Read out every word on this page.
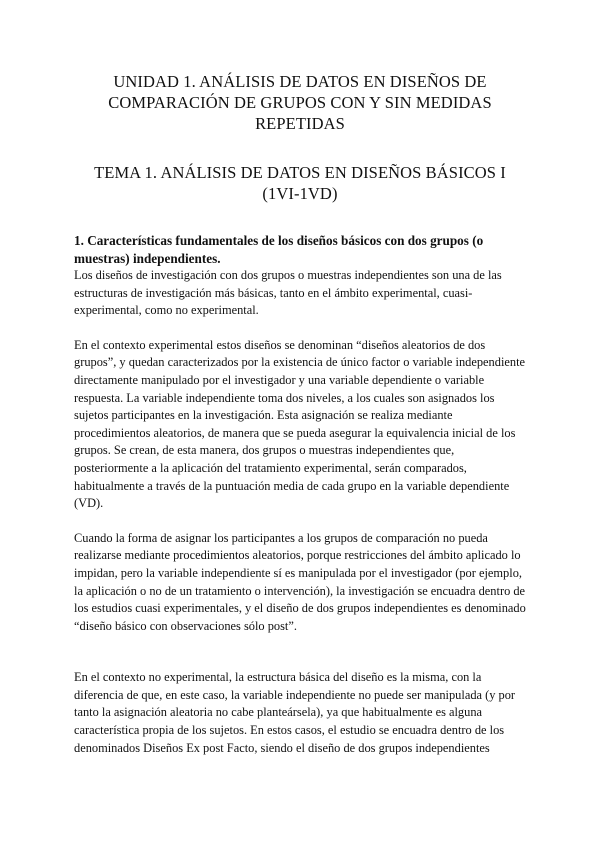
UNIDAD 1. ANÁLISIS DE DATOS EN DISEÑOS DE COMPARACIÓN DE GRUPOS CON Y SIN MEDIDAS REPETIDAS
TEMA 1. ANÁLISIS DE DATOS EN DISEÑOS BÁSICOS I (1VI-1VD)
1. Características fundamentales de los diseños básicos con dos grupos (o muestras) independientes.

Los diseños de investigación con dos grupos o muestras independientes son una de las estructuras de investigación más básicas, tanto en el ámbito experimental, cuasi-experimental, como no experimental.

En el contexto experimental estos diseños se denominan “diseños aleatorios de dos grupos”, y quedan caracterizados por la existencia de único factor o variable independiente directamente manipulado por el investigador y una variable dependiente o variable respuesta. La variable independiente toma dos niveles, a los cuales son asignados los sujetos participantes en la investigación. Esta asignación se realiza mediante procedimientos aleatorios, de manera que se pueda asegurar la equivalencia inicial de los grupos. Se crean, de esta manera, dos grupos o muestras independientes que, posteriormente a la aplicación del tratamiento experimental, serán comparados, habitualmente a través de la puntuación media de cada grupo en la variable dependiente (VD).

Cuando la forma de asignar los participantes a los grupos de comparación no pueda realizarse mediante procedimientos aleatorios, porque restricciones del ámbito aplicado lo impidan, pero la variable independiente sí es manipulada por el investigador (por ejemplo, la aplicación o no de un tratamiento o intervención), la investigación se encuadra dentro de los estudios cuasi experimentales, y el diseño de dos grupos independientes es denominado “diseño básico con observaciones sólo post”.

En el contexto no experimental, la estructura básica del diseño es la misma, con la diferencia de que, en este caso, la variable independiente no puede ser manipulada (y por tanto la asignación aleatoria no cabe planteársela), ya que habitualmente es alguna característica propia de los sujetos. En estos casos, el estudio se encuadra dentro de los denominados Diseños Ex post Facto, siendo el diseño de dos grupos independientes
